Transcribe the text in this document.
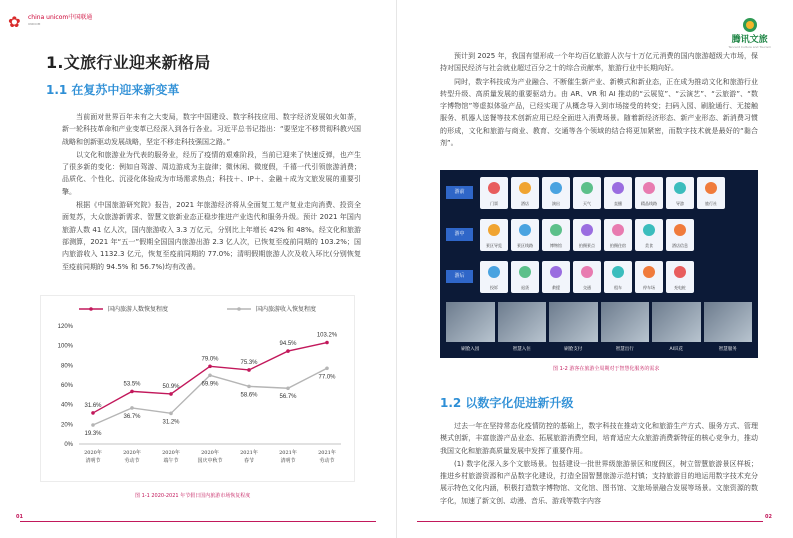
✿	china unicom中国联通
UNICOM
1.文旅行业迎来新格局
1.1 在复苏中迎来新变革

当前面对世界百年未有之大变局，数字中国建设、数字科技应用、数字经济发展如火如荼，新一轮科技革命和产业变革已经深入到各行各业。习近平总书记指出：“要坚定不移贯彻科教兴国战略和创新驱动发展战略，坚定不移走科技强国之路。”

以文化和旅游业为代表的服务业，经历了疫情的艰难阶段，当前已迎来了快速反弹，也产生了很多新的变化：例如自驾游、周边游成为主旋律；微休闲、微度假，千禧一代引领旅游消费；品质化、个性化、沉浸化体验成为市场需求热点；科技＋、IP＋、金融＋成为文旅发展的重要引擎。

根据《中国旅游研究院》报告，2021 年旅游经济将从全面复工复产复业走向消费、投资全面复苏，大众旅游新需求、智慧文旅新业态正稳步推进产业迭代和服务升级。预计 2021 年国内旅游人数 41 亿人次，国内旅游收入 3.3 万亿元，分别比上年增长 42% 和 48%。经文化和旅游部测算，2021 年“五一”假期全国国内旅游出游 2.3 亿人次，已恢复至疫前同期的 103.2%；国内旅游收入 1132.3 亿元，恢复至疫前同期的 77.0%；清明假期旅游人次及收入环比(分别恢复至疫前同期的 94.5% 和 56.7%)均有改善。

0%
20%
40%
60%
80%
100%
120%
2020年
清明节
2020年
劳动节
2020年
端午节
2020年
国庆中秋节
2021年
春节
2021年
清明节
2021年
劳动节
国内旅游人数恢复程度	国内旅游收入恢复程度
31.6%
53.5%	50.9%
79.0%
75.3%
94.5%
103.2%
19.3%
36.7%
31.2%
69.9%
58.6%	56.7%
77.0%
图 1-1 2020-2021 年节假日国内旅游市场恢复程度
01
腾讯文旅
Tencent Culture and Tourism

预计到 2025 年，我国有望形成一个年均百亿旅游人次与十万亿元消费的国内旅游超级大市场，保持对国民经济与社会就业超过百分之十的综合贡献率，旅游行业中长期向好。

同时，数字科技成为产业融合、不断催生新产业、新模式和新业态，正在成为推动文化和旅游行业转型升级、高质量发展的重要驱动力。由 AR、VR 和 AI 推动的“云展览”、“云演艺”、“云旅游”、“数字博物馆”等虚拟体验产品，已经实现了从概念导入到市场接受的转变；扫码入园、刷脸通行、无接触服务、机器人送餐等技术创新应用已经全面进入消费场景。随着新经济形态、新产业形态、新消费习惯的形成，文化和旅游与商业、教育、交通等各个领域的结合将更加紧密，而数字技术就是最好的“黏合剂”。

游前
门票	酒店	演出	天气	直播	精品线路	导游	旅行社
游中
景区导览	景区线路	博物馆	拍摄景点	拍摄住宿	美食	酒店信息
游后
投诉	退货	救援	交通	租车	停车场	充电桩
刷脸入园	智慧入住	刷脸支付	智慧出行	AI识花	智慧服务
图 1-2 游客在旅游全周期对于智慧化服务的需求
1.2 以数字化促进新升级

过去一年在坚持常态化疫情防控的基础上，数字科技在推动文化和旅游生产方式、服务方式、管理模式创新，丰富旅游产品业态、拓展旅游消费空间，培育适应大众旅游消费新特征的核心竞争力，推动我国文化和旅游高质量发展中发挥了重要作用。

(1) 数字化深入多个文旅场景。包括建设一批世界级旅游景区和度假区，树立智慧旅游景区样板；推进乡村旅游资源和产品数字化建设，打造全国智慧旅游示范村镇；支持旅游目的地运用数字技术充分展示特色文化内涵，积极打造数字博物馆、文化馆、图书馆、文旅场景融合发展等场景。文旅资源的数字化，加速了新文创、动漫、音乐、游戏等数字内容

02
